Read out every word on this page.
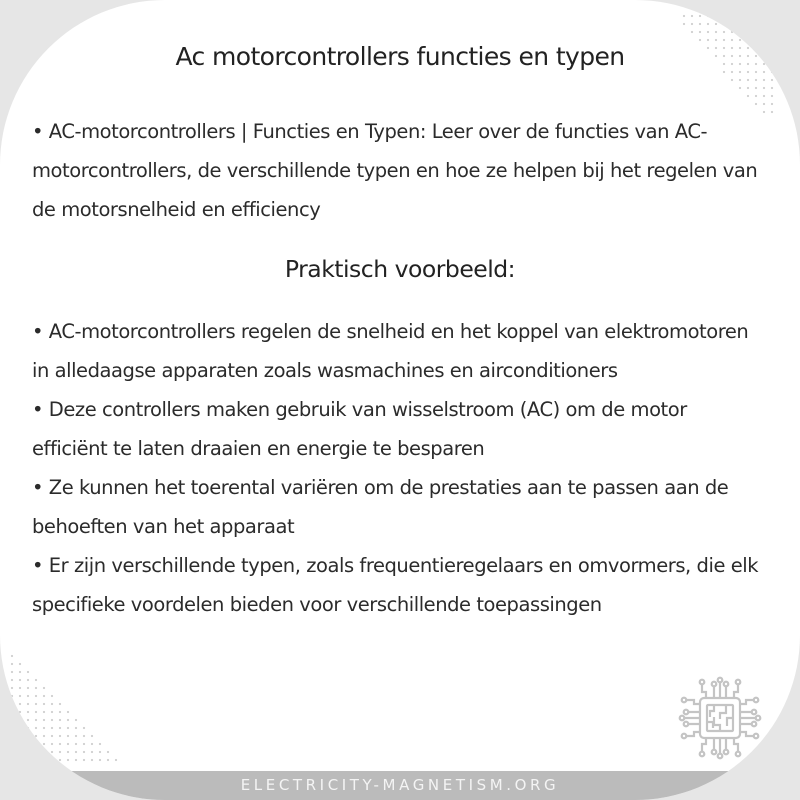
Ac motorcontrollers functies en typen

• AC-motorcontrollers | Functies en Typen: Leer over de functies van AC-motorcontrollers, de verschillende typen en hoe ze helpen bij het regelen van de motorsnelheid en efficiency

Praktisch voorbeeld:

• AC-motorcontrollers regelen de snelheid en het koppel van elektromotoren in alledaagse apparaten zoals wasmachines en airconditioners

• Deze controllers maken gebruik van wisselstroom (AC) om de motor efficiënt te laten draaien en energie te besparen

• Ze kunnen het toerental variëren om de prestaties aan te passen aan de behoeften van het apparaat

• Er zijn verschillende typen, zoals frequentieregelaars en omvormers, die elk specifieke voordelen bieden voor verschillende toepassingen

ELECTRICITY-MAGNETISM.ORG
